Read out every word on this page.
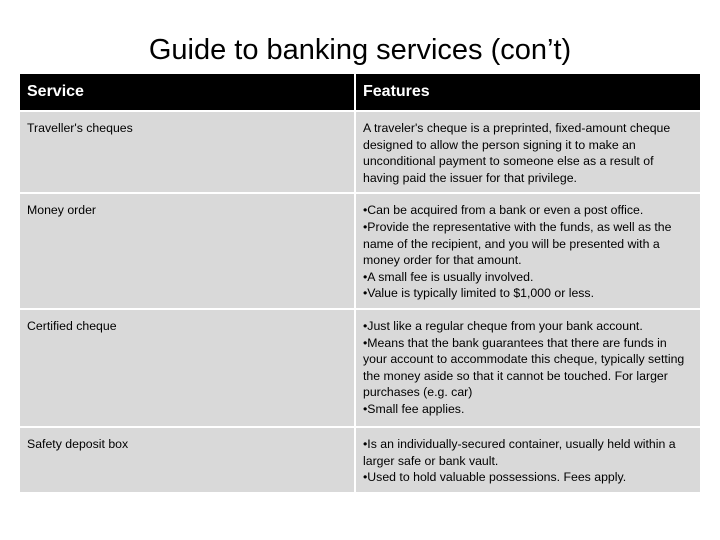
Guide to banking services (con’t)
Service	Features
Traveller's cheques	A traveler's cheque is a preprinted, fixed-amount cheque designed to allow the person signing it to make an unconditional payment to someone else as a result of having paid the issuer for that privilege.

Money order	•Can be acquired from a bank or even a post office.
•Provide the representative with the funds, as well as the name of the recipient, and you will be presented with a money order for that amount.
•A small fee is usually involved.
•Value is typically limited to $1,000 or less.

Certified cheque	•Just like a regular cheque from your bank account.
•Means that the bank guarantees that there are funds in your account to accommodate this cheque, typically setting the money aside so that it cannot be touched. For larger purchases (e.g. car)
•Small fee applies.

Safety deposit box	•Is an individually-secured container, usually held within a larger safe or bank vault.
•Used to hold valuable possessions. Fees apply.
